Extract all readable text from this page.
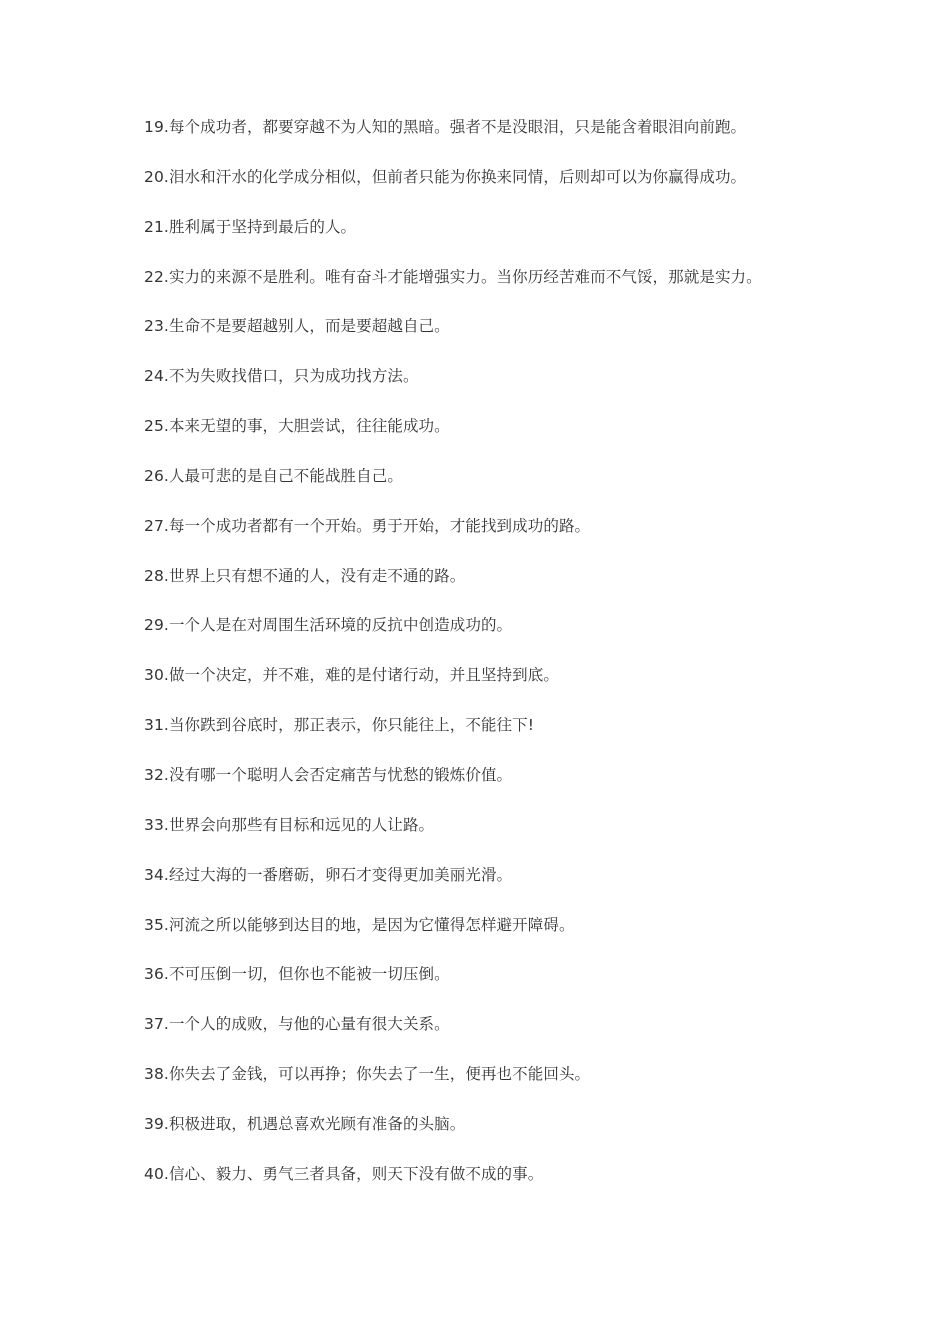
19.每个成功者，都要穿越不为人知的黑暗。强者不是没眼泪，只是能含着眼泪向前跑。
20.泪水和汗水的化学成分相似，但前者只能为你换来同情，后则却可以为你赢得成功。
21.胜利属于坚持到最后的人。
22.实力的来源不是胜利。唯有奋斗才能增强实力。当你历经苦难而不气馁，那就是实力。
23.生命不是要超越别人，而是要超越自己。
24.不为失败找借口，只为成功找方法。
25.本来无望的事，大胆尝试，往往能成功。
26.人最可悲的是自己不能战胜自己。
27.每一个成功者都有一个开始。勇于开始，才能找到成功的路。
28.世界上只有想不通的人，没有走不通的路。
29.一个人是在对周围生活环境的反抗中创造成功的。
30.做一个决定，并不难，难的是付诸行动，并且坚持到底。
31.当你跌到谷底时，那正表示，你只能往上，不能往下!
32.没有哪一个聪明人会否定痛苦与忧愁的锻炼价值。
33.世界会向那些有目标和远见的人让路。
34.经过大海的一番磨砺，卵石才变得更加美丽光滑。
35.河流之所以能够到达目的地，是因为它懂得怎样避开障碍。
36.不可压倒一切，但你也不能被一切压倒。
37.一个人的成败，与他的心量有很大关系。
38.你失去了金钱，可以再挣；你失去了一生，便再也不能回头。
39.积极进取，机遇总喜欢光顾有准备的头脑。
40.信心、毅力、勇气三者具备，则天下没有做不成的事。
